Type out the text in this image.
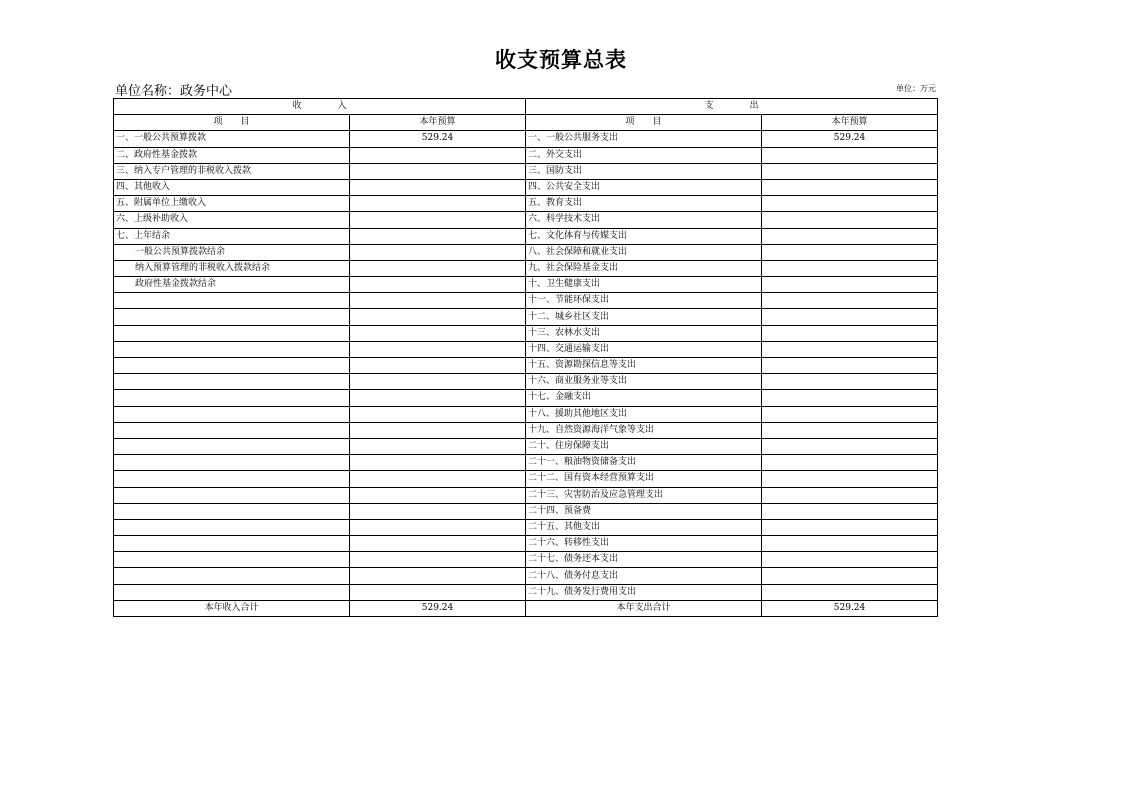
收支预算总表
单位名称：政务中心	单位：万元
收　　　　入		支　　　　出	
项　　目	本年预算	项　　目	本年预算
一、一般公共预算拨款	529.24	一、一般公共服务支出	529.24
二、政府性基金拨款		二、外交支出	
三、纳入专户管理的非税收入拨款		三、国防支出	
四、其他收入		四、公共安全支出	
五、附属单位上缴收入		五、教育支出	
六、上级补助收入		六、科学技术支出	
七、上年结余		七、文化体育与传媒支出	
一般公共预算拨款结余		八、社会保障和就业支出	
纳入预算管理的非税收入拨款结余		九、社会保险基金支出	
政府性基金拨款结余		十、卫生健康支出	
		十一、节能环保支出	
		十二、城乡社区支出	
		十三、农林水支出	
		十四、交通运输支出	
		十五、资源勘探信息等支出	
		十六、商业服务业等支出	
		十七、金融支出	
		十八、援助其他地区支出	
		十九、自然资源海洋气象等支出	
		二十、住房保障支出	
		二十一、粮油物资储备支出	
		二十二、国有资本经营预算支出	
		二十三、灾害防治及应急管理支出	
		二十四、预备费	
		二十五、其他支出	
		二十六、转移性支出	
		二十七、债务还本支出	
		二十八、债务付息支出	
		二十九、债务发行费用支出	
本年收入合计	529.24	本年支出合计	529.24
